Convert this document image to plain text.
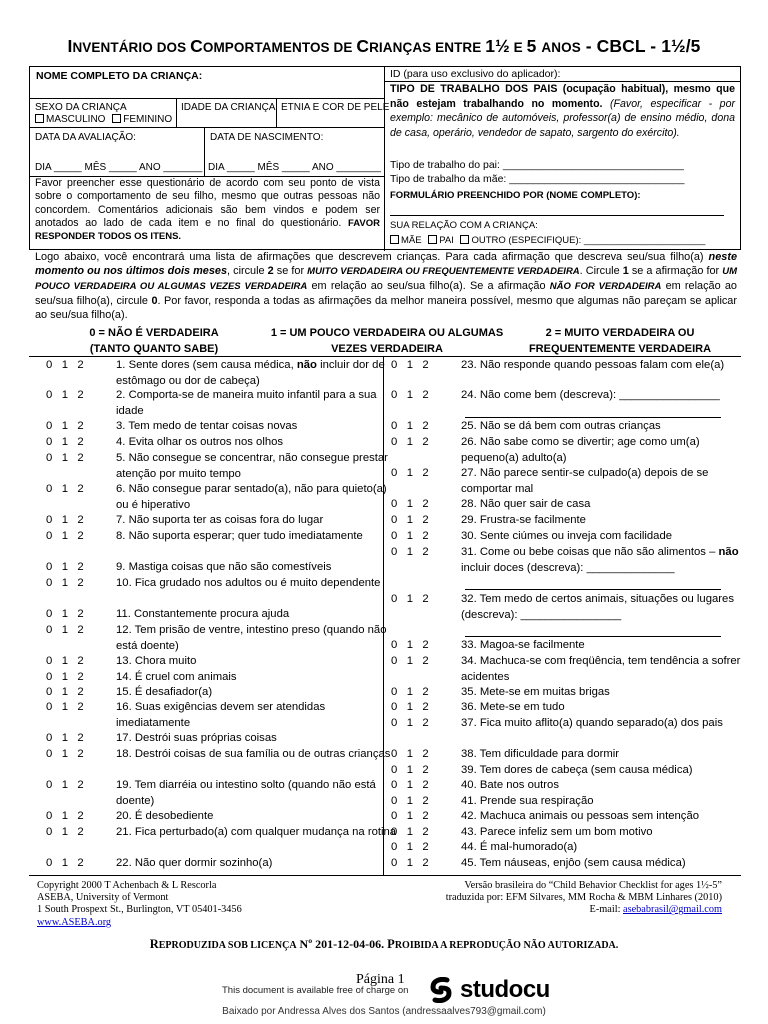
INVENTÁRIO DOS COMPORTAMENTOS DE CRIANÇAS ENTRE 1½ E 5 ANOS - CBCL - 1½/5
NOME COMPLETO DA CRIANÇA:
SEXO DA CRIANÇA
MASCULINO FEMININO
IDADE DA CRIANÇA ETNIA E COR DE PELE
DATA DA AVALIAÇÃO:
DIA _____ MÊS _____ ANO _______
DATA DE NASCIMENTO:
DIA _____ MÊS _____ ANO ________
Favor preencher esse questionário de acordo com seu ponto de vista sobre o comportamento de seu filho, mesmo que outras pessoas não concordem. Comentários adicionais são bem vindos e podem ser anotados ao lado de cada item e no final do questionário. FAVOR RESPONDER TODOS OS ITENS.
ID (para uso exclusivo do aplicador):
TIPO DE TRABALHO DOS PAIS (ocupação habitual), mesmo que não estejam trabalhando no momento. (Favor, especificar - por exemplo: mecânico de automóveis, professor(a) de ensino médio, dona de casa, operário, vendedor de sapato, sargento do exército).
Tipo de trabalho do pai: _______________________________
Tipo de trabalho da mãe: ______________________________
FORMULÁRIO PREENCHIDO POR (NOME COMPLETO):
SUA RELAÇÃO COM A CRIANÇA:
MÃE PAI OUTRO (ESPECIFIQUE): _______________________
Logo abaixo, você encontrará uma lista de afirmações que descrevem crianças. Para cada afirmação que descreva seu/sua filho(a) neste momento ou nos últimos dois meses, circule 2 se for MUITO VERDADEIRA OU FREQUENTEMENTE VERDADEIRA. Circule 1 se a afirmação for UM POUCO VERDADEIRA OU ALGUMAS VEZES VERDADEIRA em relação ao seu/sua filho(a). Se a afirmação NÃO FOR VERDADEIRA em relação ao seu/sua filho(a), circule 0. Por favor, responda a todas as afirmações da melhor maneira possível, mesmo que algumas não pareçam se aplicar ao seu/sua filho(a).
0 = NÃO É VERDADEIRA
(TANTO QUANTO SABE)
1 = UM POUCO VERDADEIRA OU ALGUMAS
VEZES VERDADEIRA
2 = MUITO VERDADEIRA OU
FREQUENTEMENTE VERDADEIRA
0   1   2	1. Sente dores (sem causa médica, não incluir dor de estômago ou dor de cabeça)
0   1   2	2. Comporta-se de maneira muito infantil para a sua idade
0   1   2	3. Tem medo de tentar coisas novas
0   1   2	4. Evita olhar os outros nos olhos
0   1   2	5. Não consegue se concentrar, não consegue prestar atenção por muito tempo
0   1   2	6. Não consegue parar sentado(a), não para quieto(a) ou é hiperativo
0   1   2	7. Não suporta ter as coisas fora do lugar
0   1   2	8. Não suporta esperar; quer tudo imediatamente
0   1   2	9. Mastiga coisas que não são comestíveis
0   1   2	10. Fica grudado nos adultos ou é muito dependente
0   1   2	11. Constantemente procura ajuda
0   1   2	12. Tem prisão de ventre, intestino preso (quando não está doente)
0   1   2	13. Chora muito
0   1   2	14. É cruel com animais
0   1   2	15. É desafiador(a)
0   1   2	16. Suas exigências devem ser atendidas imediatamente
0   1   2	17. Destrói suas próprias coisas
0   1   2	18. Destrói coisas de sua família ou de outras crianças
0   1   2	19. Tem diarréia ou intestino solto (quando não está doente)
0   1   2	20. É desobediente
0   1   2	21. Fica perturbado(a) com qualquer mudança na rotina
0   1   2	22. Não quer dormir sozinho(a)
0   1   2	23. Não responde quando pessoas falam com ele(a)
0   1   2	24. Não come bem (descreva): ________________
0   1   2	25. Não se dá bem com outras crianças
0   1   2	26. Não sabe como se divertir; age como um(a) pequeno(a) adulto(a)
0   1   2	27. Não parece sentir-se culpado(a) depois de se comportar mal
0   1   2	28. Não quer sair de casa
0   1   2	29. Frustra-se facilmente
0   1   2	30. Sente ciúmes ou inveja com facilidade
0   1   2	31. Come ou bebe coisas que não são alimentos – não incluir doces (descreva): ______________
0   1   2	32. Tem medo de certos animais, situações ou lugares (descreva): ________________
0   1   2	33. Magoa-se facilmente
0   1   2	34. Machuca-se com freqüência, tem tendência a sofrer acidentes
0   1   2	35. Mete-se em muitas brigas
0   1   2	36. Mete-se em tudo
0   1   2	37. Fica muito aflito(a) quando separado(a) dos pais
0   1   2	38. Tem dificuldade para dormir
0   1   2	39. Tem dores de cabeça (sem causa médica)
0   1   2	40. Bate nos outros
0   1   2	41. Prende sua respiração
0   1   2	42. Machuca animais ou pessoas sem intenção
0   1   2	43. Parece infeliz sem um bom motivo
0   1   2	44. É mal-humorado(a)
0   1   2	45. Tem náuseas, enjôo (sem causa médica)
Copyright 2000 T Achenbach & L Rescorla
ASEBA, University of Vermont
1 South Prospext St., Burlington, VT 05401-3456
www.ASEBA.org
Versão brasileira do “Child Behavior Checklist for ages 1½-5”
traduzida por: EFM Silvares, MM Rocha & MBM Linhares (2010)
E-mail: asebabrasil@gmail.com
REPRODUZIDA SOB LICENÇA Nº 201-12-04-06. PROIBIDA A REPRODUÇÃO NÃO AUTORIZADA.
Página 1
This document is available free of charge on studocu
Baixado por Andressa Alves dos Santos (andressaalves793@gmail.com)
